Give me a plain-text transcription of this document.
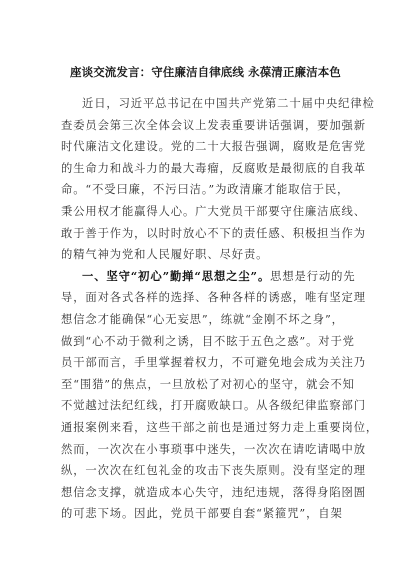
座谈交流发言：守住廉洁自律底线 永葆清正廉洁本色
近日，习近平总书记在中国共产党第二十届中央纪律检
查委员会第三次全体会议上发表重要讲话强调，要加强新
时代廉洁文化建设。党的二十大报告强调，腐败是危害党
的生命力和战斗力的最大毒瘤，反腐败是最彻底的自我革
命。“不受曰廉，不污曰洁。”为政清廉才能取信于民，
秉公用权才能赢得人心。广大党员干部要守住廉洁底线、
敢于善于作为，以时时放心不下的责任感、积极担当作为
的精气神为党和人民履好职、尽好责。
一、坚守“初心”勤掸“思想之尘”。思想是行动的先
导，面对各式各样的选择、各种各样的诱惑，唯有坚定理
想信念才能确保“心无妄思”，练就“金刚不坏之身”，
做到“心不动于微利之诱，目不眩于五色之惑”。对于党
员干部而言，手里掌握着权力，不可避免地会成为关注乃
至“围猎”的焦点，一旦放松了对初心的坚守，就会不知
不觉越过法纪红线，打开腐败缺口。从各级纪律监察部门
通报案例来看，这些干部之前也是通过努力走上重要岗位，
然而，一次次在小事琐事中迷失，一次次在请吃请喝中放
纵，一次次在红包礼金的攻击下丧失原则。没有坚定的理
想信念支撑，就造成本心失守，违纪违规，落得身陷囹圄
的可悲下场。因此，党员干部要自套“紧箍咒”，自架
